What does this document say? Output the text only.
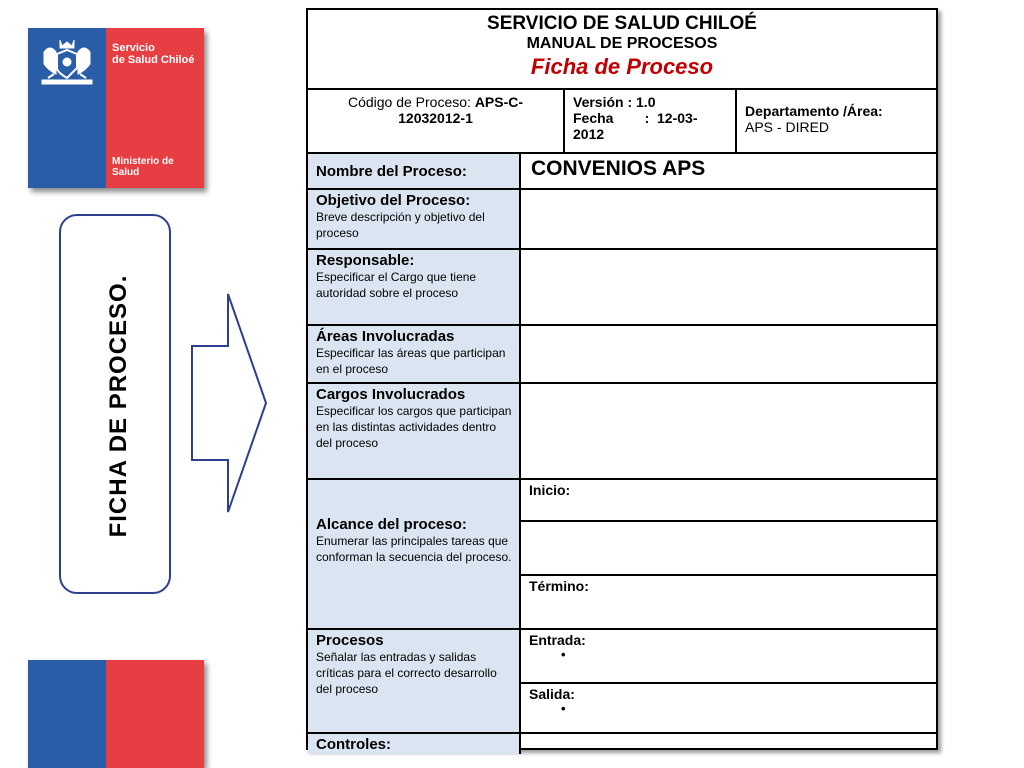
Servicio
de Salud Chiloé
Ministerio de
Salud
FICHA DE PROCESO.
SERVICIO DE SALUD CHILOÉ
MANUAL DE PROCESOS
Ficha de Proceso
Código de Proceso: APS-C-
12032012-1
Versión : 1.0
Fecha        :  12-03-
2012
Departamento /Área:
APS - DIRED
Nombre del Proceso:	CONVENIOS APS
Objetivo del Proceso:
Breve descripción y objetivo del proceso
Responsable:
Especificar el Cargo que tiene autoridad sobre el proceso
Áreas Involucradas
Especificar las áreas que participan en el proceso
Cargos Involucrados
Especificar los cargos que participan en las distintas actividades dentro del proceso
Alcance del proceso:
Enumerar las principales tareas que conforman la secuencia del proceso.
Inicio:
Término:
Procesos
Señalar las entradas y salidas críticas para el correcto desarrollo del proceso
Entrada:
•
Salida:
•
Controles:
